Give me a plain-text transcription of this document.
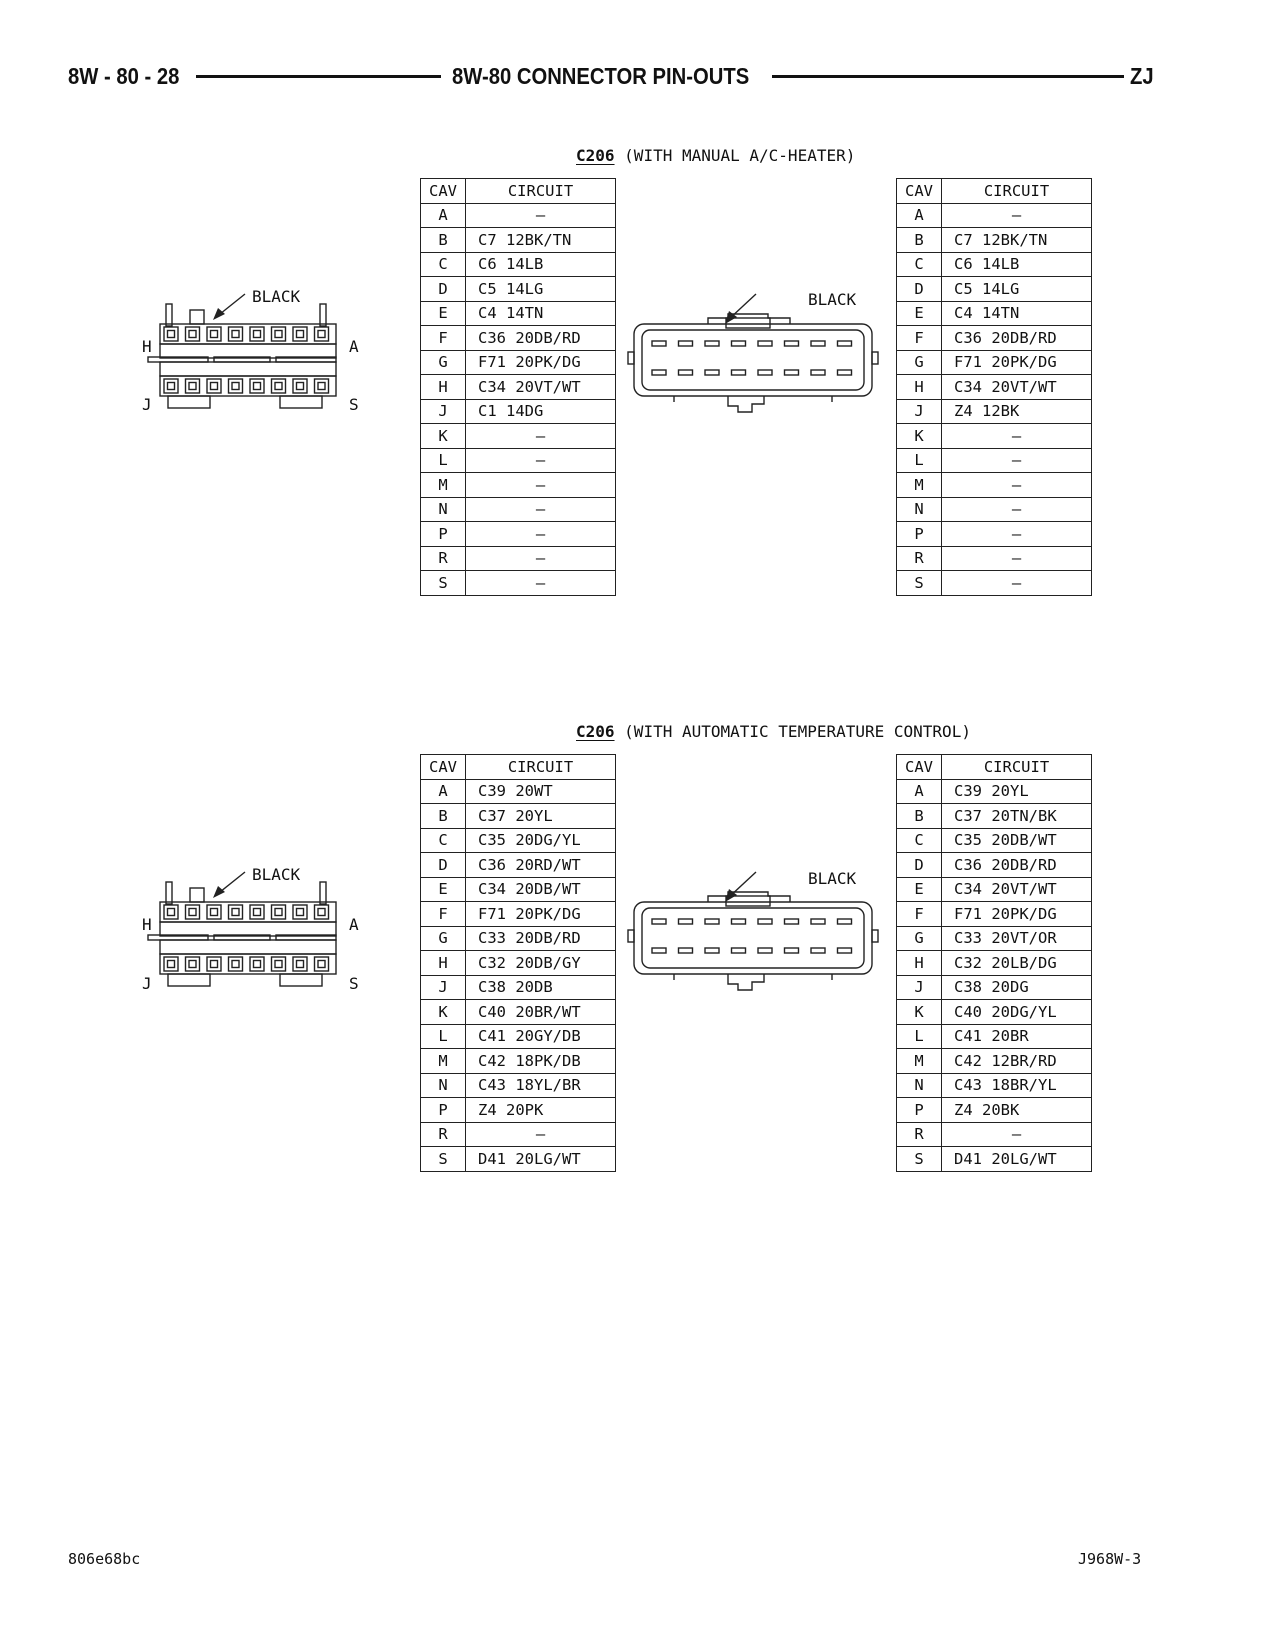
8W - 80 - 28	8W-80 CONNECTOR PIN-OUTS	ZJ
C206 (WITH MANUAL A/C-HEATER)
BLACK
H	A
J	S
CAV	CIRCUIT
A	—
B	C7 12BK/TN
C	C6 14LB
D	C5 14LG
E	C4 14TN
F	C36 20DB/RD
G	F71 20PK/DG
H	C34 20VT/WT
J	C1 14DG
K	—
L	—
M	—
N	—
P	—
R	—
S	—
BLACK
CAV	CIRCUIT
A	—
B	C7 12BK/TN
C	C6 14LB
D	C5 14LG
E	C4 14TN
F	C36 20DB/RD
G	F71 20PK/DG
H	C34 20VT/WT
J	Z4 12BK
K	—
L	—
M	—
N	—
P	—
R	—
S	—
C206 (WITH AUTOMATIC TEMPERATURE CONTROL)
BLACK
H	A
J	S
CAV	CIRCUIT
A	C39 20WT
B	C37 20YL
C	C35 20DG/YL
D	C36 20RD/WT
E	C34 20DB/WT
F	F71 20PK/DG
G	C33 20DB/RD
H	C32 20DB/GY
J	C38 20DB
K	C40 20BR/WT
L	C41 20GY/DB
M	C42 18PK/DB
N	C43 18YL/BR
P	Z4 20PK
R	—
S	D41 20LG/WT
BLACK
CAV	CIRCUIT
A	C39 20YL
B	C37 20TN/BK
C	C35 20DB/WT
D	C36 20DB/RD
E	C34 20VT/WT
F	F71 20PK/DG
G	C33 20VT/OR
H	C32 20LB/DG
J	C38 20DG
K	C40 20DG/YL
L	C41 20BR
M	C42 12BR/RD
N	C43 18BR/YL
P	Z4 20BK
R	—
S	D41 20LG/WT
806e68bc	J968W-3
